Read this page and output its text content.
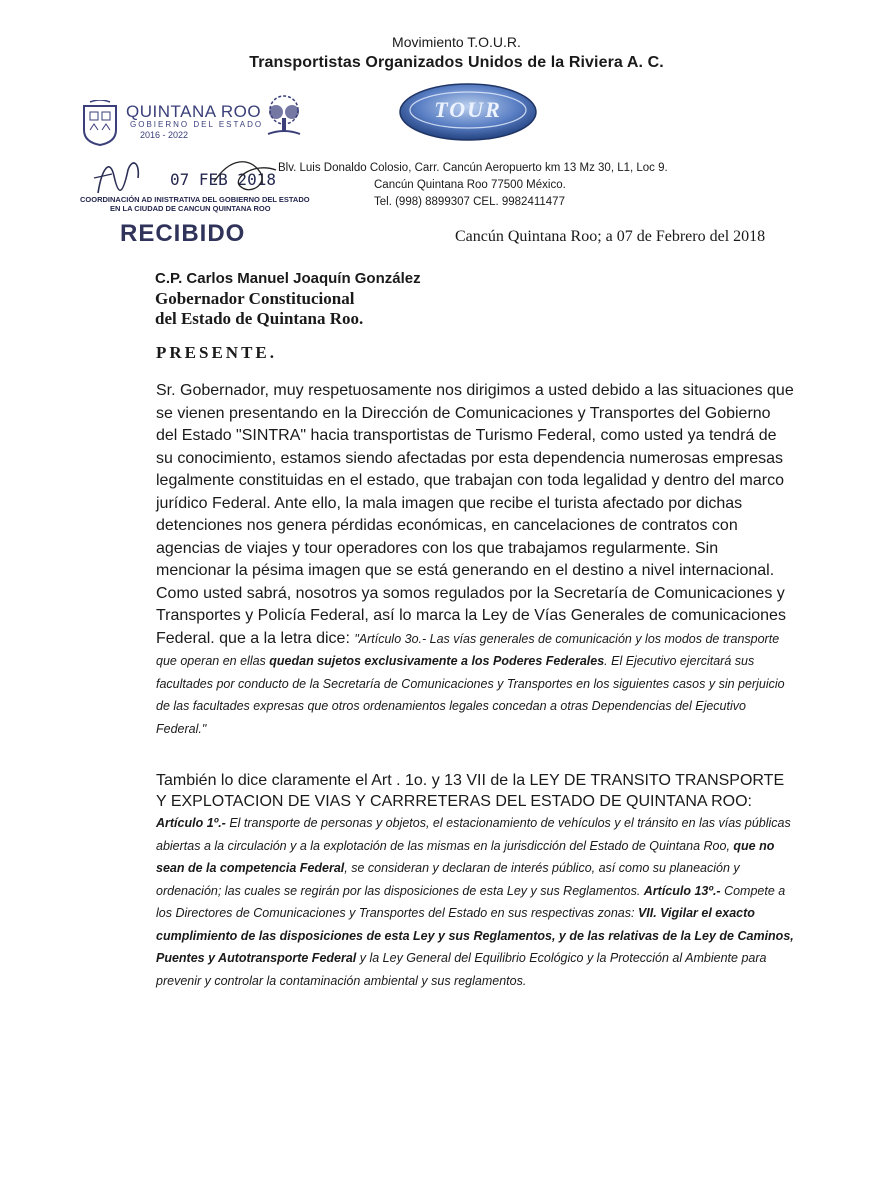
Movimiento T.O.U.R.
Transportistas Organizados Unidos de la Riviera A. C.
TOUR
Blv. Luis Donaldo Colosio, Carr. Cancún Aeropuerto km 13 Mz 30, L1, Loc 9.
Cancún Quintana Roo 77500 México.
Tel. (998) 8899307 CEL. 9982411477
QUINTANA ROO
GOBIERNO DEL ESTADO
2016 - 2022
07 FEB 2018
COORDINACIÓN AD INISTRATIVA DEL GOBIERNO DEL ESTADO
EN LA CIUDAD DE CANCUN QUINTANA ROO
RECIBIDO	Cancún Quintana Roo; a 07 de Febrero del 2018
C.P. Carlos Manuel Joaquín González
Gobernador Constitucional
del Estado de Quintana Roo.
PRESENTE.
Sr. Gobernador, muy respetuosamente nos dirigimos a usted debido a las situaciones que se vienen presentando en la Dirección de Comunicaciones y Transportes del Gobierno del Estado "SINTRA" hacia transportistas de Turismo Federal, como usted ya tendrá de su conocimiento, estamos siendo afectadas por esta dependencia numerosas empresas legalmente constituidas en el estado, que trabajan con toda legalidad y dentro del marco jurídico Federal. Ante ello, la mala imagen que recibe el turista afectado por dichas detenciones nos genera pérdidas económicas, en cancelaciones de contratos con agencias de viajes y tour operadores con los que trabajamos regularmente. Sin mencionar la pésima imagen que se está generando en el destino a nivel internacional. Como usted sabrá, nosotros ya somos regulados por la Secretaría de Comunicaciones y Transportes y Policía Federal, así lo marca la Ley de Vías Generales de comunicaciones Federal. que a la letra dice: "Artículo 3o.- Las vías generales de comunicación y los modos de transporte que operan en ellas quedan sujetos exclusivamente a los Poderes Federales. El Ejecutivo ejercitará sus facultades por conducto de la Secretaría de Comunicaciones y Transportes en los siguientes casos y sin perjuicio de las facultades expresas que otros ordenamientos legales concedan a otras Dependencias del Ejecutivo Federal."
También lo dice claramente el Art . 1o. y 13 VII de la LEY DE TRANSITO TRANSPORTE Y EXPLOTACION DE VIAS Y CARRRETERAS DEL ESTADO DE QUINTANA ROO: Artículo 1º.- El transporte de personas y objetos, el estacionamiento de vehículos y el tránsito en las vías públicas abiertas a la circulación y a la explotación de las mismas en la jurisdicción del Estado de Quintana Roo, que no sean de la competencia Federal, se consideran y declaran de interés público, así como su planeación y ordenación; las cuales se regirán por las disposiciones de esta Ley y sus Reglamentos. Artículo 13º.- Compete a los Directores de Comunicaciones y Transportes del Estado en sus respectivas zonas: VII. Vigilar el exacto cumplimiento de las disposiciones de esta Ley y sus Reglamentos, y de las relativas de la Ley de Caminos, Puentes y Autotransporte Federal y la Ley General del Equilibrio Ecológico y la Protección al Ambiente para prevenir y controlar la contaminación ambiental y sus reglamentos.
